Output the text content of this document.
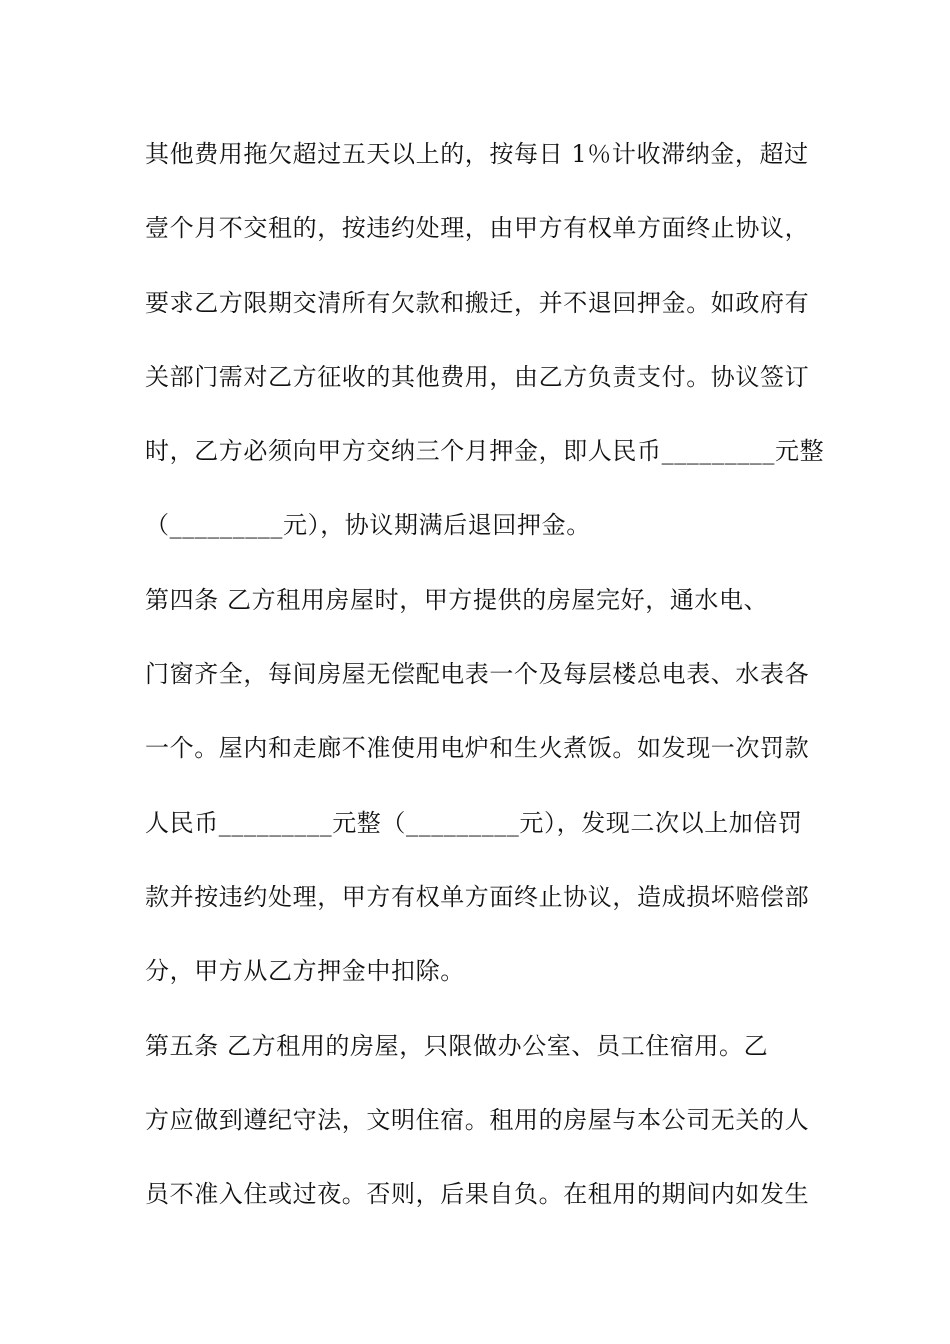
其他费用拖欠超过五天以上的，按每日 1％计收滞纳金，超过
壹个月不交租的，按违约处理，由甲方有权单方面终止协议，
要求乙方限期交清所有欠款和搬迁，并不退回押金。如政府有
关部门需对乙方征收的其他费用，由乙方负责支付。协议签订
时，乙方必须向甲方交纳三个月押金，即人民币_________元整
（_________元），协议期满后退回押金。
第四条 乙方租用房屋时，甲方提供的房屋完好，通水电、
门窗齐全，每间房屋无偿配电表一个及每层楼总电表、水表各
一个。屋内和走廊不准使用电炉和生火煮饭。如发现一次罚款
人民币_________元整（_________元），发现二次以上加倍罚
款并按违约处理，甲方有权单方面终止协议，造成损坏赔偿部
分，甲方从乙方押金中扣除。
第五条 乙方租用的房屋，只限做办公室、员工住宿用。乙
方应做到遵纪守法，文明住宿。租用的房屋与本公司无关的人
员不准入住或过夜。否则，后果自负。在租用的期间内如发生
